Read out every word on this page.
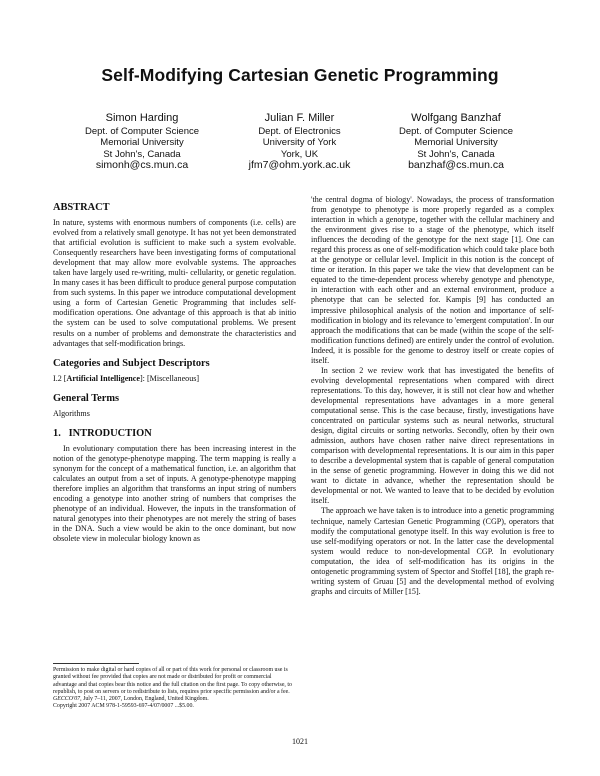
Self-Modifying Cartesian Genetic Programming
Simon Harding
Dept. of Computer Science
Memorial University
St John's, Canada
simonh@cs.mun.ca
Julian F. Miller
Dept. of Electronics
University of York
York, UK
jfm7@ohm.york.ac.uk
Wolfgang Banzhaf
Dept. of Computer Science
Memorial University
St John's, Canada
banzhaf@cs.mun.ca
ABSTRACT

In nature, systems with enormous numbers of components (i.e. cells) are evolved from a relatively small genotype. It has not yet been demonstrated that artificial evolution is sufficient to make such a system evolvable. Consequently researchers have been investigating forms of computational development that may allow more evolvable systems. The approaches taken have largely used re-writing, multi- cellularity, or genetic regulation. In many cases it has been difficult to produce general purpose computation from such systems. In this paper we introduce computational development using a form of Cartesian Genetic Programming that includes self-modification operations. One advantage of this approach is that ab initio the system can be used to solve computational problems. We present results on a number of problems and demonstrate the characteristics and advantages that self-modification brings.

Categories and Subject Descriptors

I.2 [Artificial Intelligence]: [Miscellaneous]

General Terms

Algorithms

1.   INTRODUCTION

In evolutionary computation there has been increasing interest in the notion of the genotype-phenotype mapping. The term mapping is really a synonym for the concept of a mathematical function, i.e. an algorithm that calculates an output from a set of inputs. A genotype-phenotype mapping therefore implies an algorithm that transforms an input string of numbers encoding a genotype into another string of numbers that comprises the phenotype of an individual. However, the inputs in the transformation of natural genotypes into their phenotypes are not merely the string of bases in the DNA. Such a view would be akin to the once dominant, but now obsolete view in molecular biology known as

'the central dogma of biology'. Nowadays, the process of transformation from genotype to phenotype is more properly regarded as a complex interaction in which a genotype, together with the cellular machinery and the environment gives rise to a stage of the phenotype, which itself influences the decoding of the genotype for the next stage [1]. One can regard this process as one of self-modification which could take place both at the genotype or cellular level. Implicit in this notion is the concept of time or iteration. In this paper we take the view that development can be equated to the time-dependent process whereby genotype and phenotype, in interaction with each other and an external environment, produce a phenotype that can be selected for. Kampis [9] has conducted an impressive philosophical analysis of the notion and importance of self-modification in biology and its relevance to 'emergent computation'. In our approach the modifications that can be made (within the scope of the self-modification functions defined) are entirely under the control of evolution. Indeed, it is possible for the genome to destroy itself or create copies of itself.

In section 2 we review work that has investigated the benefits of evolving developmental representations when compared with direct representations. To this day, however, it is still not clear how and whether developmental representations have advantages in a more general computational sense. This is the case because, firstly, investigations have concentrated on particular systems such as neural networks, structural design, digital circuits or sorting networks. Secondly, often by their own admission, authors have chosen rather naive direct representations in comparison with developmental representations. It is our aim in this paper to describe a developmental system that is capable of general computation in the sense of genetic programming. However in doing this we did not want to dictate in advance, whether the representation should be developmental or not. We wanted to leave that to be decided by evolution itself.

The approach we have taken is to introduce into a genetic programming technique, namely Cartesian Genetic Programming (CGP), operators that modify the computational genotype itself. In this way evolution is free to use self-modifying operators or not. In the latter case the developmental system would reduce to non-developmental CGP. In evolutionary computation, the idea of self-modification has its origins in the ontogenetic programming system of Spector and Stoffel [18], the graph re-writing system of Gruau [5] and the developmental method of evolving graphs and circuits of Miller [15].

Permission to make digital or hard copies of all or part of this work for personal or classroom use is granted without fee provided that copies are not made or distributed for profit or commercial advantage and that copies bear this notice and the full citation on the first page. To copy otherwise, to republish, to post on servers or to redistribute to lists, requires prior specific permission and/or a fee.
GECCO'07, July 7–11, 2007, London, England, United Kingdom.
Copyright 2007 ACM 978-1-59593-697-4/07/0007 ...$5.00.
1021
